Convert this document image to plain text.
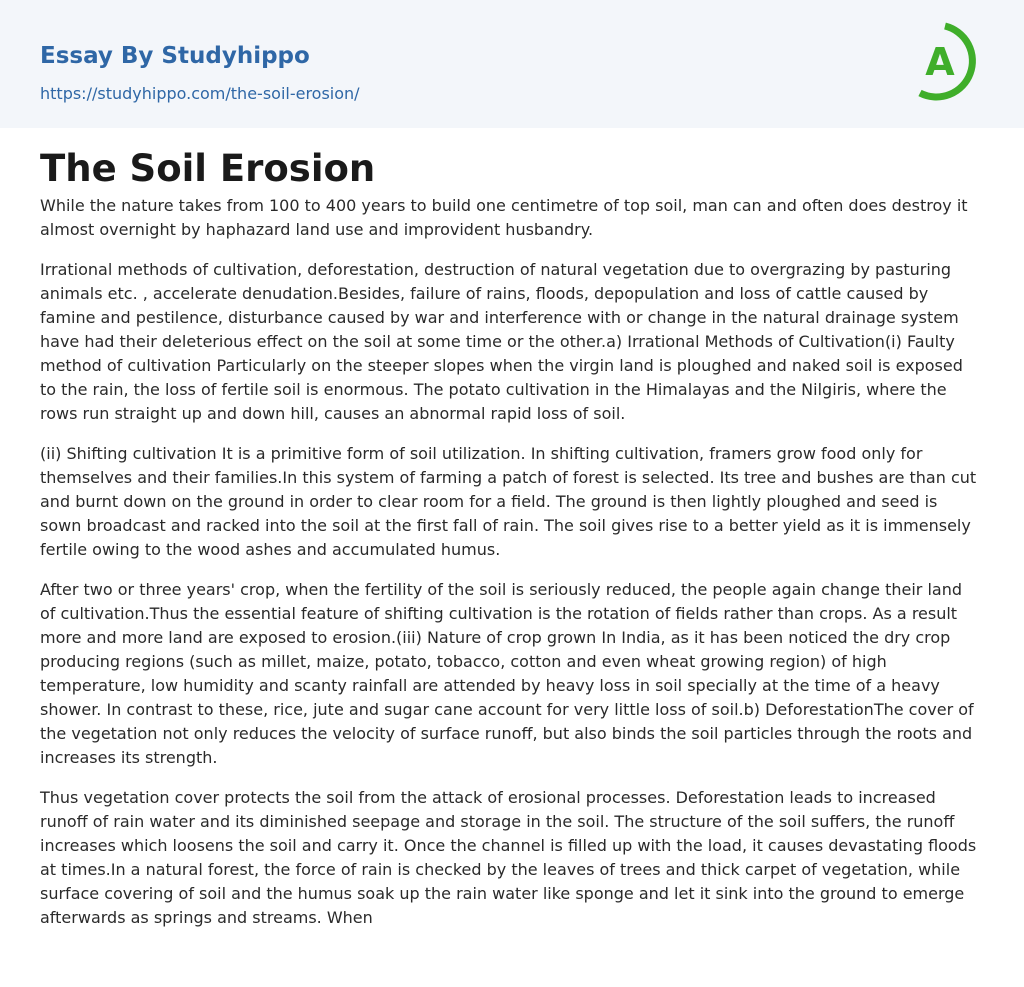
Essay By Studyhippo
https://studyhippo.com/the-soil-erosion/
A
The Soil Erosion

While the nature takes from 100 to 400 years to build one centimetre of top soil, man can and often does destroy it almost overnight by haphazard land use and improvident husbandry.

Irrational methods of cultivation, deforestation, destruction of natural vegetation due to overgrazing by pasturing animals etc. , accelerate denudation.Besides, failure of rains, floods, depopulation and loss of cattle caused by famine and pestilence, disturbance caused by war and interference with or change in the natural drainage system have had their deleterious effect on the soil at some time or the other.a) Irrational Methods of Cultivation(i) Faulty method of cultivation Particularly on the steeper slopes when the virgin land is ploughed and naked soil is exposed to the rain, the loss of fertile soil is enormous. The potato cultivation in the Himalayas and the Nilgiris, where the rows run straight up and down hill, causes an abnormal rapid loss of soil.

(ii) Shifting cultivation It is a primitive form of soil utilization. In shifting cultivation, framers grow food only for themselves and their families.In this system of farming a patch of forest is selected. Its tree and bushes are than cut and burnt down on the ground in order to clear room for a field. The ground is then lightly ploughed and seed is sown broadcast and racked into the soil at the first fall of rain. The soil gives rise to a better yield as it is immensely fertile owing to the wood ashes and accumulated humus.

After two or three years' crop, when the fertility of the soil is seriously reduced, the people again change their land of cultivation.Thus the essential feature of shifting cultivation is the rotation of fields rather than crops. As a result more and more land are exposed to erosion.(iii) Nature of crop grown In India, as it has been noticed the dry crop producing regions (such as millet, maize, potato, tobacco, cotton and even wheat growing region) of high temperature, low humidity and scanty rainfall are attended by heavy loss in soil specially at the time of a heavy shower. In contrast to these, rice, jute and sugar cane account for very little loss of soil.b) DeforestationThe cover of the vegetation not only reduces the velocity of surface runoff, but also binds the soil particles through the roots and increases its strength.

Thus vegetation cover protects the soil from the attack of erosional processes. Deforestation leads to increased runoff of rain water and its diminished seepage and storage in the soil. The structure of the soil suffers, the runoff increases which loosens the soil and carry it. Once the channel is filled up with the load, it causes devastating floods at times.In a natural forest, the force of rain is checked by the leaves of trees and thick carpet of vegetation, while surface covering of soil and the humus soak up the rain water like sponge and let it sink into the ground to emerge afterwards as springs and streams. When
